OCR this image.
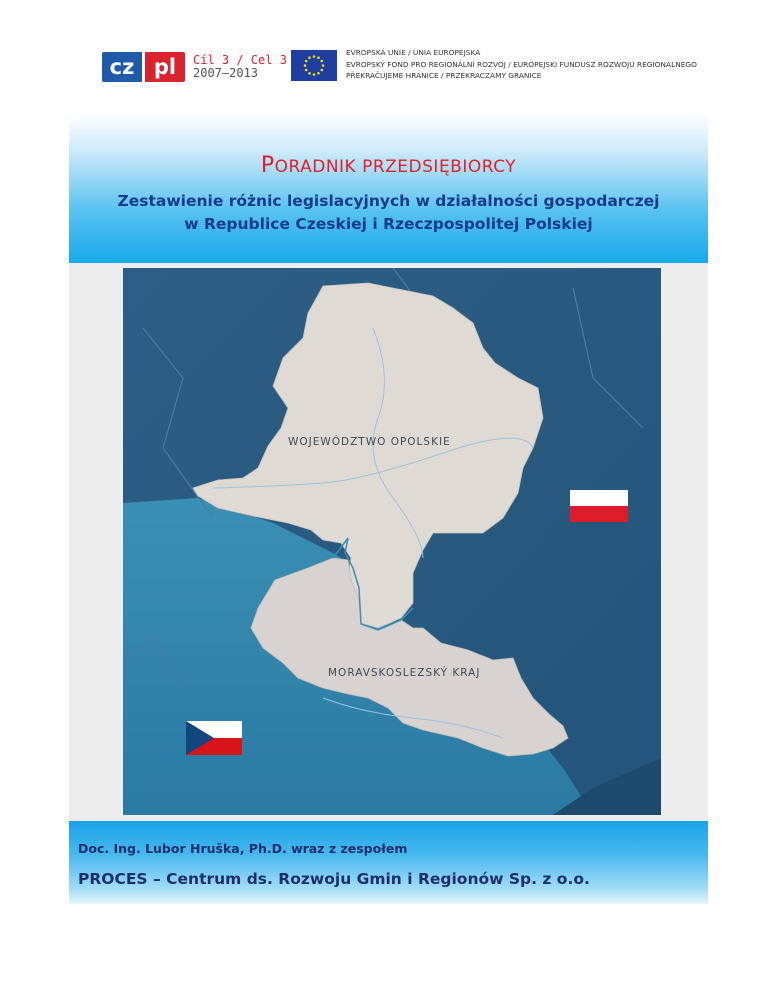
cz pl	Cíl 3 / Cel 3
2007–2013
EVROPSKÁ UNIE / UNIA EUROPEJSKA
EVROPSKÝ FOND PRO REGIONÁLNÍ ROZVOJ / EUROPEJSKI FUNDUSZ ROZWOJU REGIONALNEGO
PŘEKRAČUJEME HRANICE / PRZEKRACZAMY GRANICE
PORADNIK PRZEDSIĘBIORCY
Zestawienie różnic legislacyjnych w działalności gospodarczej
w Republice Czeskiej i Rzeczpospolitej Polskiej
WOJEWÓDZTWO OPOLSKIE
MORAVSKOSLEZSKÝ KRAJ
Doc. Ing. Lubor Hruška, Ph.D. wraz z zespołem
PROCES – Centrum ds. Rozwoju Gmin i Regionów Sp. z o.o.
